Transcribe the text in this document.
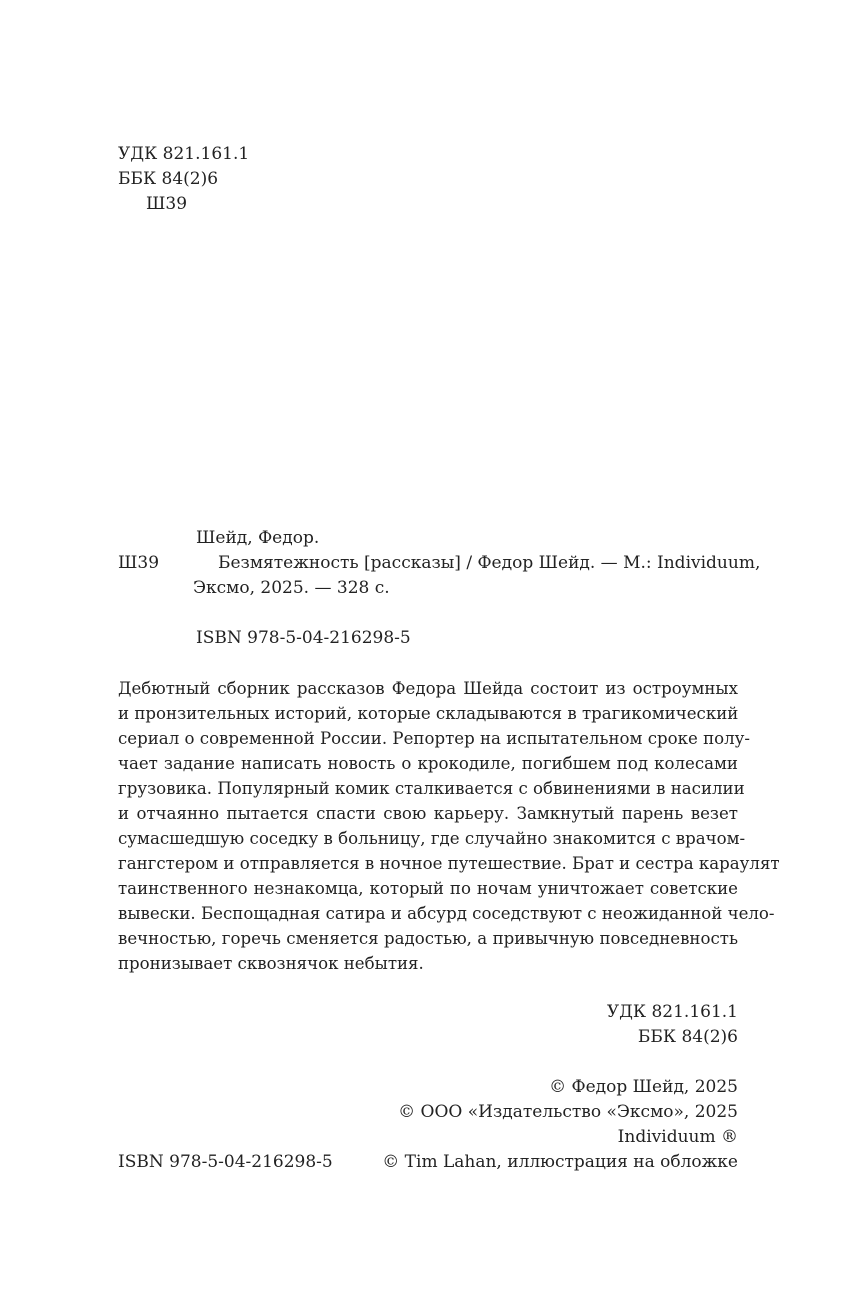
УДК 821.161.1
ББК 84(2)6
Ш39
Шейд, Федор.
Ш39	Безмятежность [рассказы] / Федор Шейд. — М.: Individuum,
Эксмо, 2025. — 328 с.
ISBN 978-5-04-216298-5
Дебютный сборник рассказов Федора Шейда состоит из остроумных
и пронзительных историй, которые складываются в трагикомический
сериал о современной России. Репортер на испытательном сроке полу-
чает задание написать новость о крокодиле, погибшем под колесами
грузовика. Популярный комик сталкивается с обвинениями в насилии
и отчаянно пытается спасти свою карьеру. Замкнутый парень везет
сумасшедшую соседку в больницу, где случайно знакомится с врачом-
гангстером и отправляется в ночное путешествие. Брат и сестра караулят
таинственного незнакомца, который по ночам уничтожает советские
вывески. Беспощадная сатира и абсурд соседствуют с неожиданной чело-
вечностью, горечь сменяется радостью, а привычную повседневность
пронизывает сквознячок небытия.
УДК 821.161.1
ББК 84(2)6
© Федор Шейд, 2025
© ООО «Издательство «Эксмо», 2025
Individuum ®
© Tim Lahan, иллюстрация на обложке
ISBN 978-5-04-216298-5
